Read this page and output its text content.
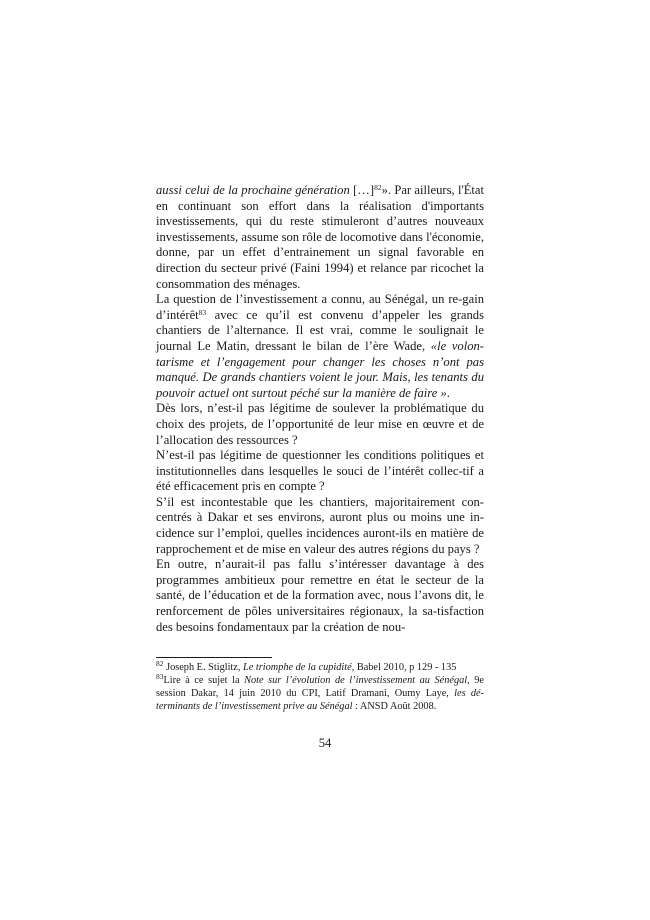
aussi celui de la prochaine génération […]$^{82}$». Par ailleurs, l'État en continuant son effort dans la réalisation d'importants investissements, qui du reste stimuleront d’autres nouveaux investissements, assume son rôle de locomotive dans l'économie, donne, par un effet d’entrainement un signal favorable en direction du secteur privé (Faini 1994) et relance par ricochet la consommation des ménages.

La question de l’investissement a connu, au Sénégal, un re-gain d’intérêt$^{83}$ avec ce qu’il est convenu d’appeler les grands chantiers de l’alternance. Il est vrai, comme le soulignait le journal Le Matin, dressant le bilan de l’ère Wade, «le volon-tarisme et l’engagement pour changer les choses n’ont pas manqué. De grands chantiers voient le jour. Mais, les tenants du pouvoir actuel ont surtout péché sur la manière de faire ».

Dès lors, n’est-il pas légitime de soulever la problématique du choix des projets, de l’opportunité de leur mise en œuvre et de l’allocation des ressources ?

N’est-il pas légitime de questionner les conditions politiques et institutionnelles dans lesquelles le souci de l’intérêt collec-tif a été efficacement pris en compte ?

S’il est incontestable que les chantiers, majoritairement con-centrés à Dakar et ses environs, auront plus ou moins une in-cidence sur l’emploi, quelles incidences auront-ils en matière de rapprochement et de mise en valeur des autres régions du pays ?

En outre, n’aurait-il pas fallu s’intéresser davantage à des programmes ambitieux pour remettre en état le secteur de la santé, de l’éducation et de la formation avec, nous l’avons dit, le renforcement de pôles universitaires régionaux, la sa-tisfaction des besoins fondamentaux par la création de nou-

$^{82}$ Joseph E. Stiglitz, Le triomphe de la cupidité, Babel 2010, p 129 - 135

$^{83}$Lire à ce sujet la Note sur l’évolution de l’investissement au Sénégal, 9e session Dakar, 14 juin 2010 du CPI, Latif Dramani, Oumy Laye, les dé-terminants de l’investissement prive au Sénégal : ANSD Août 2008.

54
